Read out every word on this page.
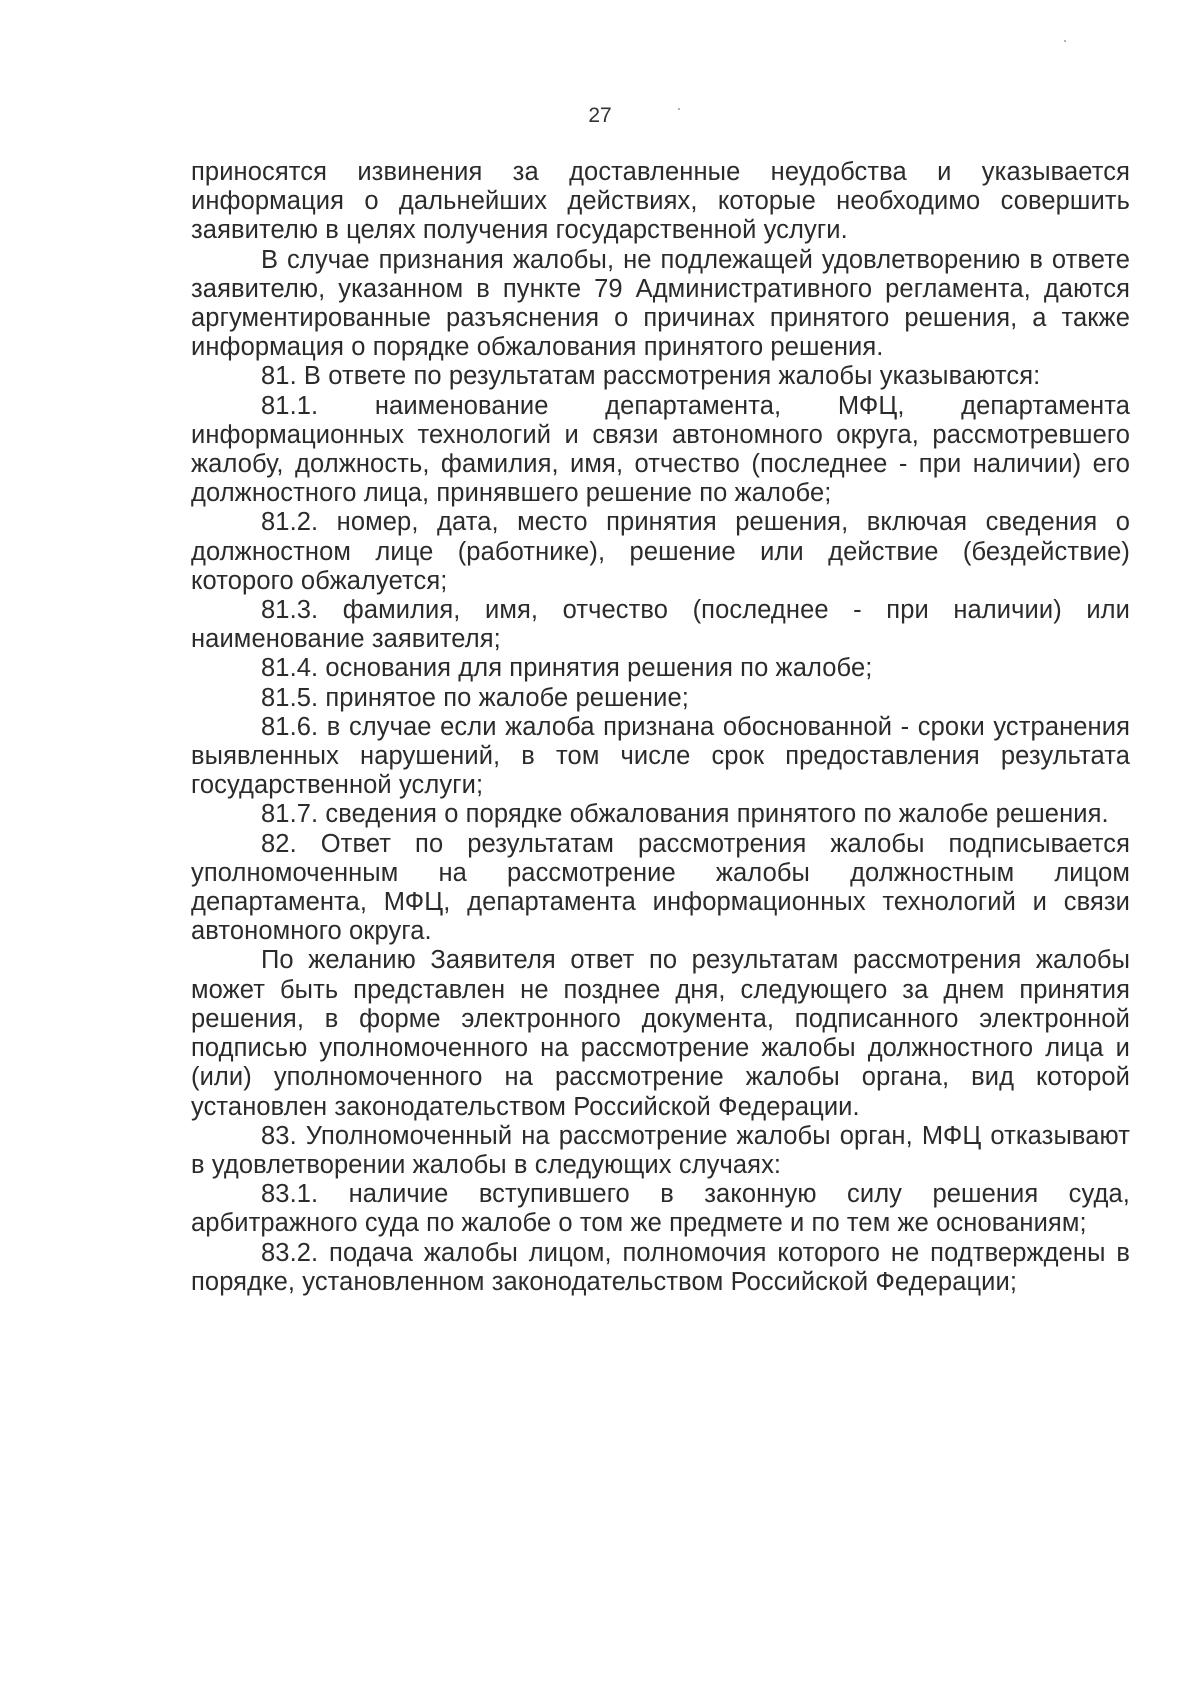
27

приносятся извинения за доставленные неудобства и указывается информация о дальнейших действиях, которые необходимо совершить заявителю в целях получения государственной услуги.

В случае признания жалобы, не подлежащей удовлетворению в ответе заявителю, указанном в пункте 79 Административного регламента, даются аргументированные разъяснения о причинах принятого решения, а также информация о порядке обжалования принятого решения.

81. В ответе по результатам рассмотрения жалобы указываются:

81.1. наименование департамента, МФЦ, департамента информационных технологий и связи автономного округа, рассмотревшего жалобу, должность, фамилия, имя, отчество (последнее - при наличии) его должностного лица, принявшего решение по жалобе;

81.2. номер, дата, место принятия решения, включая сведения о должностном лице (работнике), решение или действие (бездействие) которого обжалуется;

81.3. фамилия, имя, отчество (последнее - при наличии) или наименование заявителя;

81.4. основания для принятия решения по жалобе;

81.5. принятое по жалобе решение;

81.6. в случае если жалоба признана обоснованной - сроки устранения выявленных нарушений, в том числе срок предоставления результата государственной услуги;

81.7. сведения о порядке обжалования принятого по жалобе решения.

82. Ответ по результатам рассмотрения жалобы подписывается уполномоченным на рассмотрение жалобы должностным лицом департамента, МФЦ, департамента информационных технологий и связи автономного округа.

По желанию Заявителя ответ по результатам рассмотрения жалобы может быть представлен не позднее дня, следующего за днем принятия решения, в форме электронного документа, подписанного электронной подписью уполномоченного на рассмотрение жалобы должностного лица и (или) уполномоченного на рассмотрение жалобы органа, вид которой установлен законодательством Российской Федерации.

83. Уполномоченный на рассмотрение жалобы орган, МФЦ отказывают в удовлетворении жалобы в следующих случаях:

83.1. наличие вступившего в законную силу решения суда, арбитражного суда по жалобе о том же предмете и по тем же основаниям;

83.2. подача жалобы лицом, полномочия которого не подтверждены в порядке, установленном законодательством Российской Федерации;
